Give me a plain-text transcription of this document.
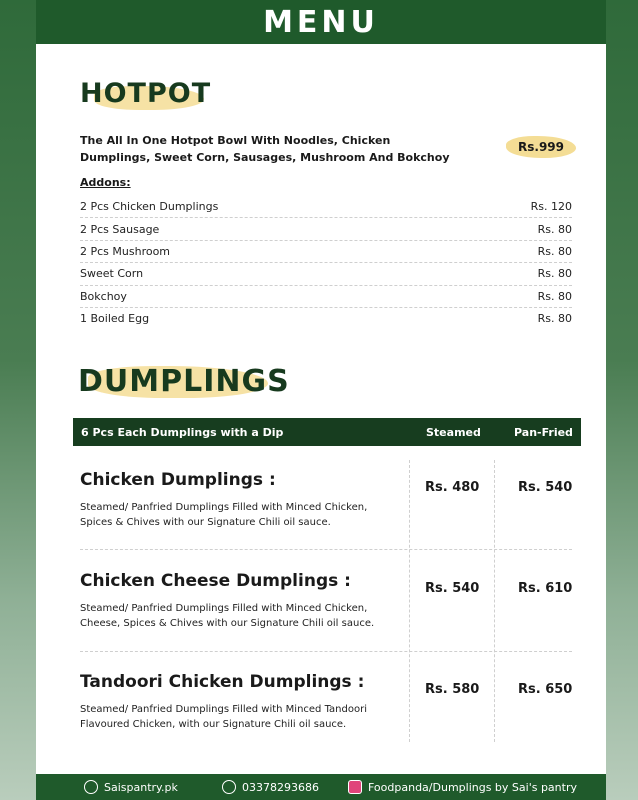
MENU
HOTPOT
The All In One Hotpot Bowl With Noodles, Chicken Dumplings, Sweet Corn, Sausages, Mushroom And Bokchoy
Rs.999
Addons:
2 Pcs Chicken Dumplings	Rs. 120
2 Pcs Sausage	Rs. 80
2 Pcs Mushroom	Rs. 80
Sweet Corn	Rs. 80
Bokchoy	Rs. 80
1 Boiled Egg	Rs. 80
DUMPLINGS
6 Pcs Each Dumplings with a Dip	Steamed	Pan-Fried
Chicken Dumplings :
Steamed/ Panfried Dumplings Filled with Minced Chicken, Spices & Chives with our Signature Chili oil sauce.
Rs. 480	Rs. 540
Chicken Cheese Dumplings :
Steamed/ Panfried Dumplings Filled with Minced Chicken, Cheese, Spices & Chives with our Signature Chili oil sauce.
Rs. 540	Rs. 610
Tandoori Chicken Dumplings :
Steamed/ Panfried Dumplings Filled with Minced Tandoori Flavoured Chicken, with our Signature Chili oil sauce.
Rs. 580	Rs. 650
Saispantry.pk	03378293686	Foodpanda/Dumplings by Sai's pantry
